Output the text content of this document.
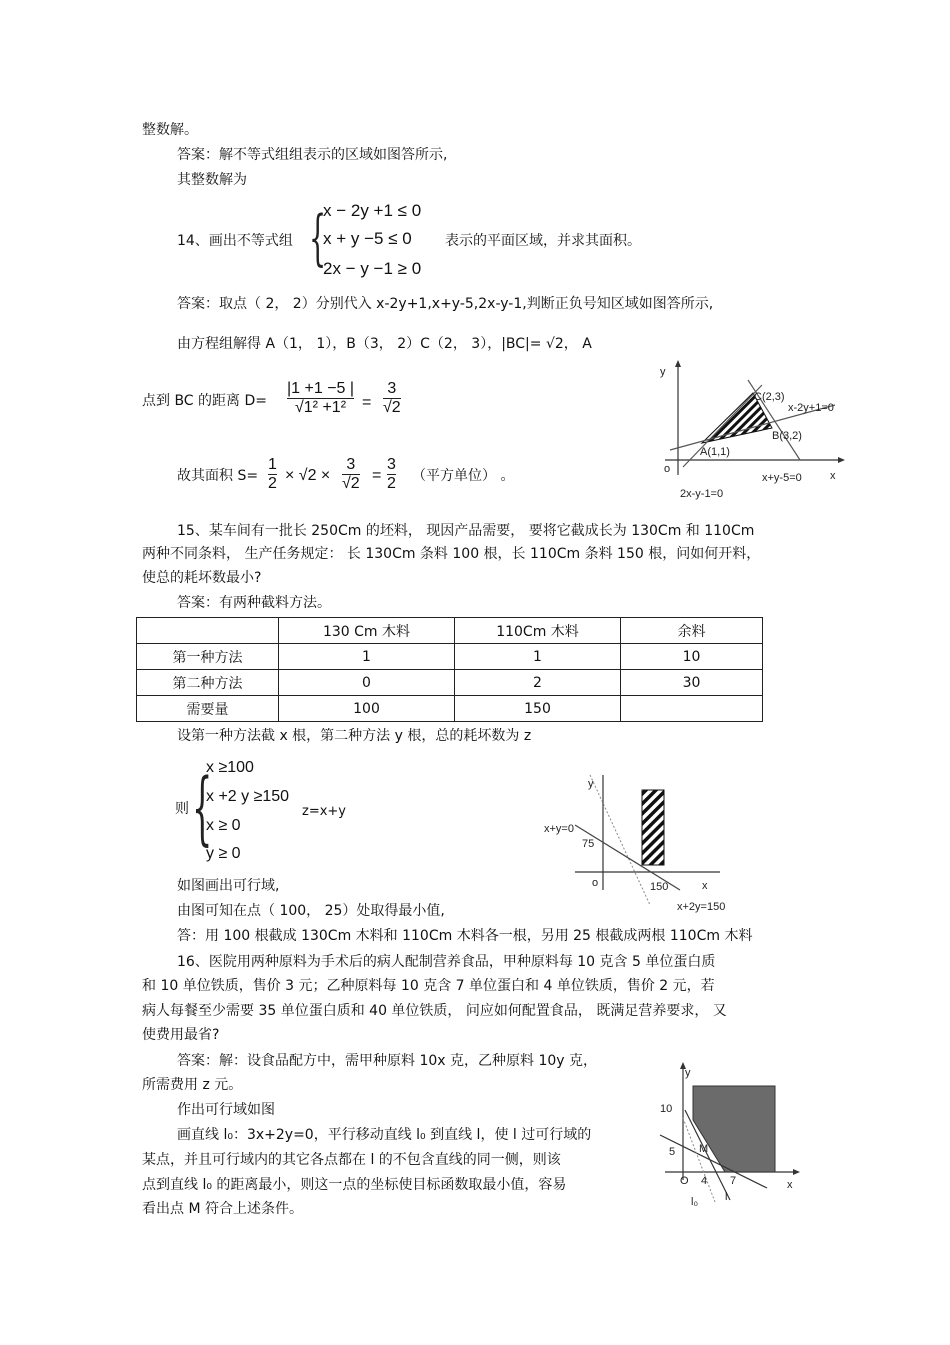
整数解。
答案：解不等式组组表示的区域如图答所示,
其整数解为
14、画出不等式组 {
x − 2y +1 ≤ 0
x + y −5 ≤ 0
2x − y −1 ≥ 0
表示的平面区域，并求其面积。
答案：取点（ 2， 2）分别代入 x-2y+1,x+y-5,2x-y-1,判断正负号知区域如图答所示,
由方程组解得 A（1， 1），B（3， 2）C（2， 3），|BC|= √2， A
点到 BC 的距离 D=
|1 +1 −5 |
√1² +1² =
3
√2
故其面积 S=
1
2 × √2 ×
3
√2 =
3
2 （平方单位） 。
y
o
x
C(2,3)
B(3,2)
A(1,1)
x-2y+1=0
x+y-5=0
2x-y-1=0
15、某车间有一批长 250Cm 的坯料， 现因产品需要， 要将它截成长为 130Cm 和 110Cm
两种不同条料， 生产任务规定： 长 130Cm 条料 100 根，长 110Cm 条料 150 根，问如何开料，
使总的耗坏数最小?
答案：有两种截料方法。
	130 Cm 木料	110Cm 木料	余料
第一种方法	1	1	10
第二种方法	0	2	30
需要量	100	150	
设第一种方法截 x 根，第二种方法 y 根，总的耗坏数为 z
则 {
x ≥100
x +2 y ≥150
x ≥ 0
y ≥ 0
z=x+y
y
x+y=0
75
o	150	x
x+2y=150
如图画出可行域,
由图可知在点（ 100， 25）处取得最小值,
答：用 100 根截成 130Cm 木料和 110Cm 木料各一根，另用 25 根截成两根 110Cm 木料
16、医院用两种原料为手术后的病人配制营养食品，甲种原料每 10 克含 5 单位蛋白质
和 10 单位铁质，售价 3 元；乙种原料每 10 克含 7 单位蛋白和 4 单位铁质，售价 2 元，若
病人每餐至少需要 35 单位蛋白质和 40 单位铁质， 问应如何配置食品， 既满足营养要求， 又
使费用最省?
答案：解：设食品配方中，需甲种原料 10x 克，乙种原料 10y 克，
所需费用 z 元。
作出可行域如图
画直线 l₀：3x+2y=0，平行移动直线 l₀ 到直线 l，使 l 过可行域的
某点，并且可行域内的其它各点都在 l 的不包含直线的同一侧，则该
点到直线 l₀ 的距离最小，则这一点的坐标使目标函数取最小值，容易
看出点 M 符合上述条件。
y
10
5 M
O 4 7	x
l
l₀
